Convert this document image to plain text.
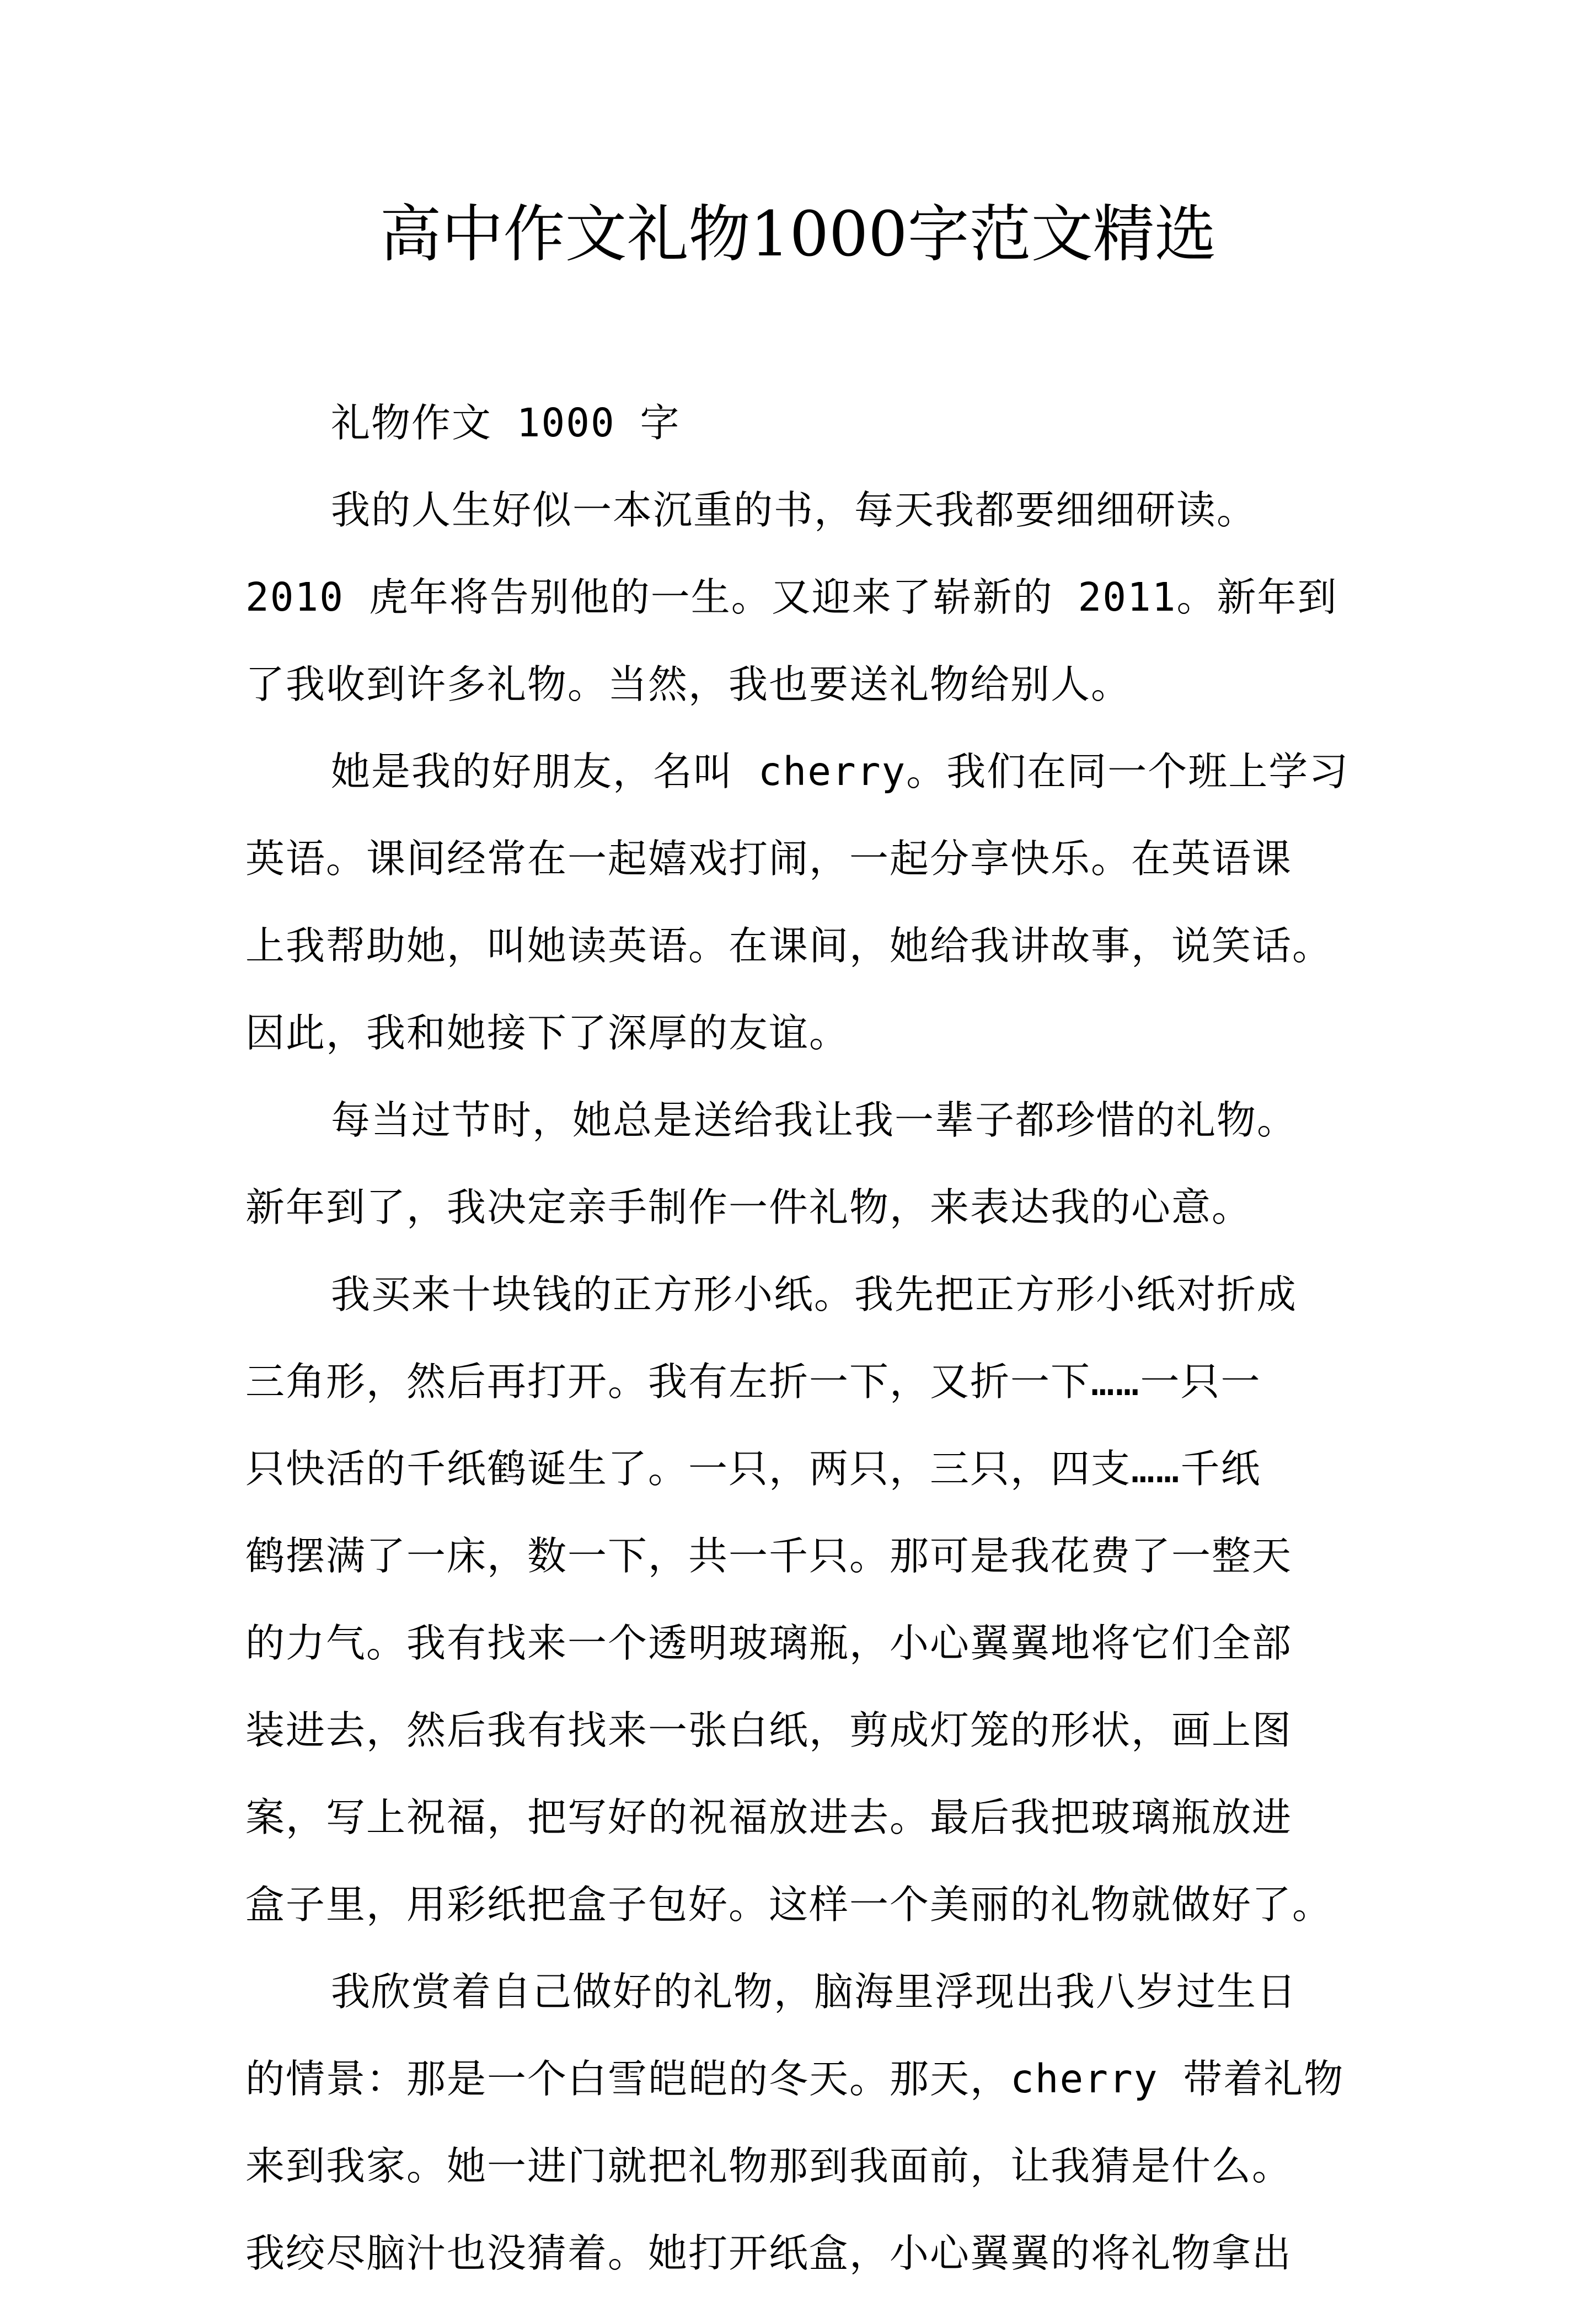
高中作文礼物1000字范文精选

礼物作文 1000 字

我的人生好似一本沉重的书，每天我都要细细研读。

2010 虎年将告别他的一生。又迎来了崭新的 2011。新年到

了我收到许多礼物。当然，我也要送礼物给别人。

她是我的好朋友，名叫 cherry。我们在同一个班上学习

英语。课间经常在一起嬉戏打闹，一起分享快乐。在英语课

上我帮助她，叫她读英语。在课间，她给我讲故事，说笑话。

因此，我和她接下了深厚的友谊。

每当过节时，她总是送给我让我一辈子都珍惜的礼物。

新年到了，我决定亲手制作一件礼物，来表达我的心意。

我买来十块钱的正方形小纸。我先把正方形小纸对折成

三角形，然后再打开。我有左折一下，又折一下……一只一

只快活的千纸鹤诞生了。一只，两只，三只，四支……千纸

鹤摆满了一床，数一下，共一千只。那可是我花费了一整天

的力气。我有找来一个透明玻璃瓶，小心翼翼地将它们全部

装进去，然后我有找来一张白纸，剪成灯笼的形状，画上图

案，写上祝福，把写好的祝福放进去。最后我把玻璃瓶放进

盒子里，用彩纸把盒子包好。这样一个美丽的礼物就做好了。

我欣赏着自己做好的礼物，脑海里浮现出我八岁过生日

的情景：那是一个白雪皑皑的冬天。那天，cherry 带着礼物

来到我家。她一进门就把礼物那到我面前，让我猜是什么。

我绞尽脑汁也没猜着。她打开纸盒，小心翼翼的将礼物拿出
